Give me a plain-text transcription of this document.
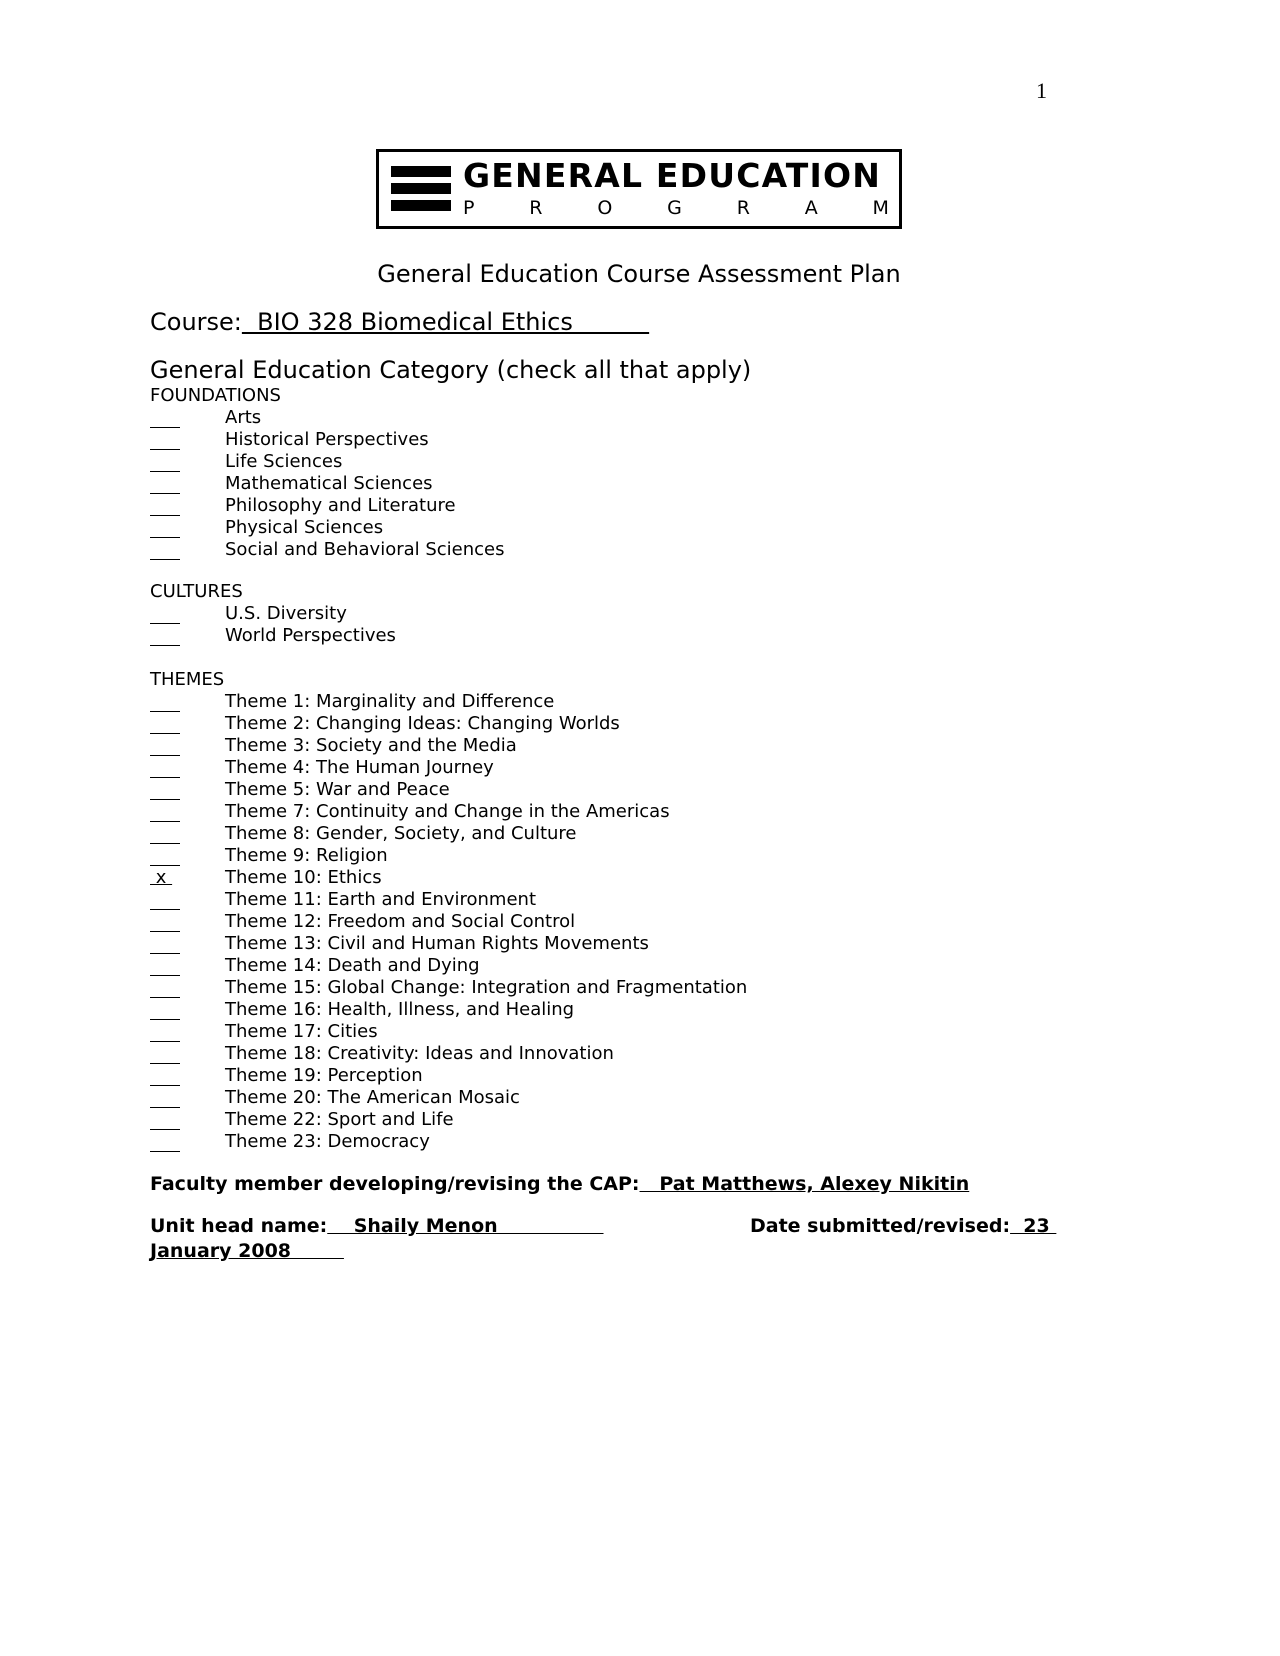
1
GENERAL EDUCATION
P	R	O	G	R	A	M
General Education Course Assessment Plan
Course:  BIO 328 Biomedical Ethics
General Education Category (check all that apply)
FOUNDATIONS
Arts
Historical Perspectives
Life Sciences
Mathematical Sciences
Philosophy and Literature
Physical Sciences
Social and Behavioral Sciences
CULTURES
U.S. Diversity
World Perspectives
THEMES
Theme 1: Marginality and Difference
Theme 2: Changing Ideas: Changing Worlds
Theme 3: Society and the Media
Theme 4: The Human Journey
Theme 5: War and Peace
Theme 7: Continuity and Change in the Americas
Theme 8: Gender, Society, and Culture
Theme 9: Religion
x	Theme 10: Ethics
Theme 11: Earth and Environment
Theme 12: Freedom and Social Control
Theme 13: Civil and Human Rights Movements
Theme 14: Death and Dying
Theme 15: Global Change: Integration and Fragmentation
Theme 16: Health, Illness, and Healing
Theme 17: Cities
Theme 18: Creativity: Ideas and Innovation
Theme 19: Perception
Theme 20: The American Mosaic
Theme 22: Sport and Life
Theme 23: Democracy
Faculty member developing/revising the CAP:   Pat Matthews, Alexey Nikitin
Unit head name:    Shaily Menon	Date submitted/revised:  23
January 2008
